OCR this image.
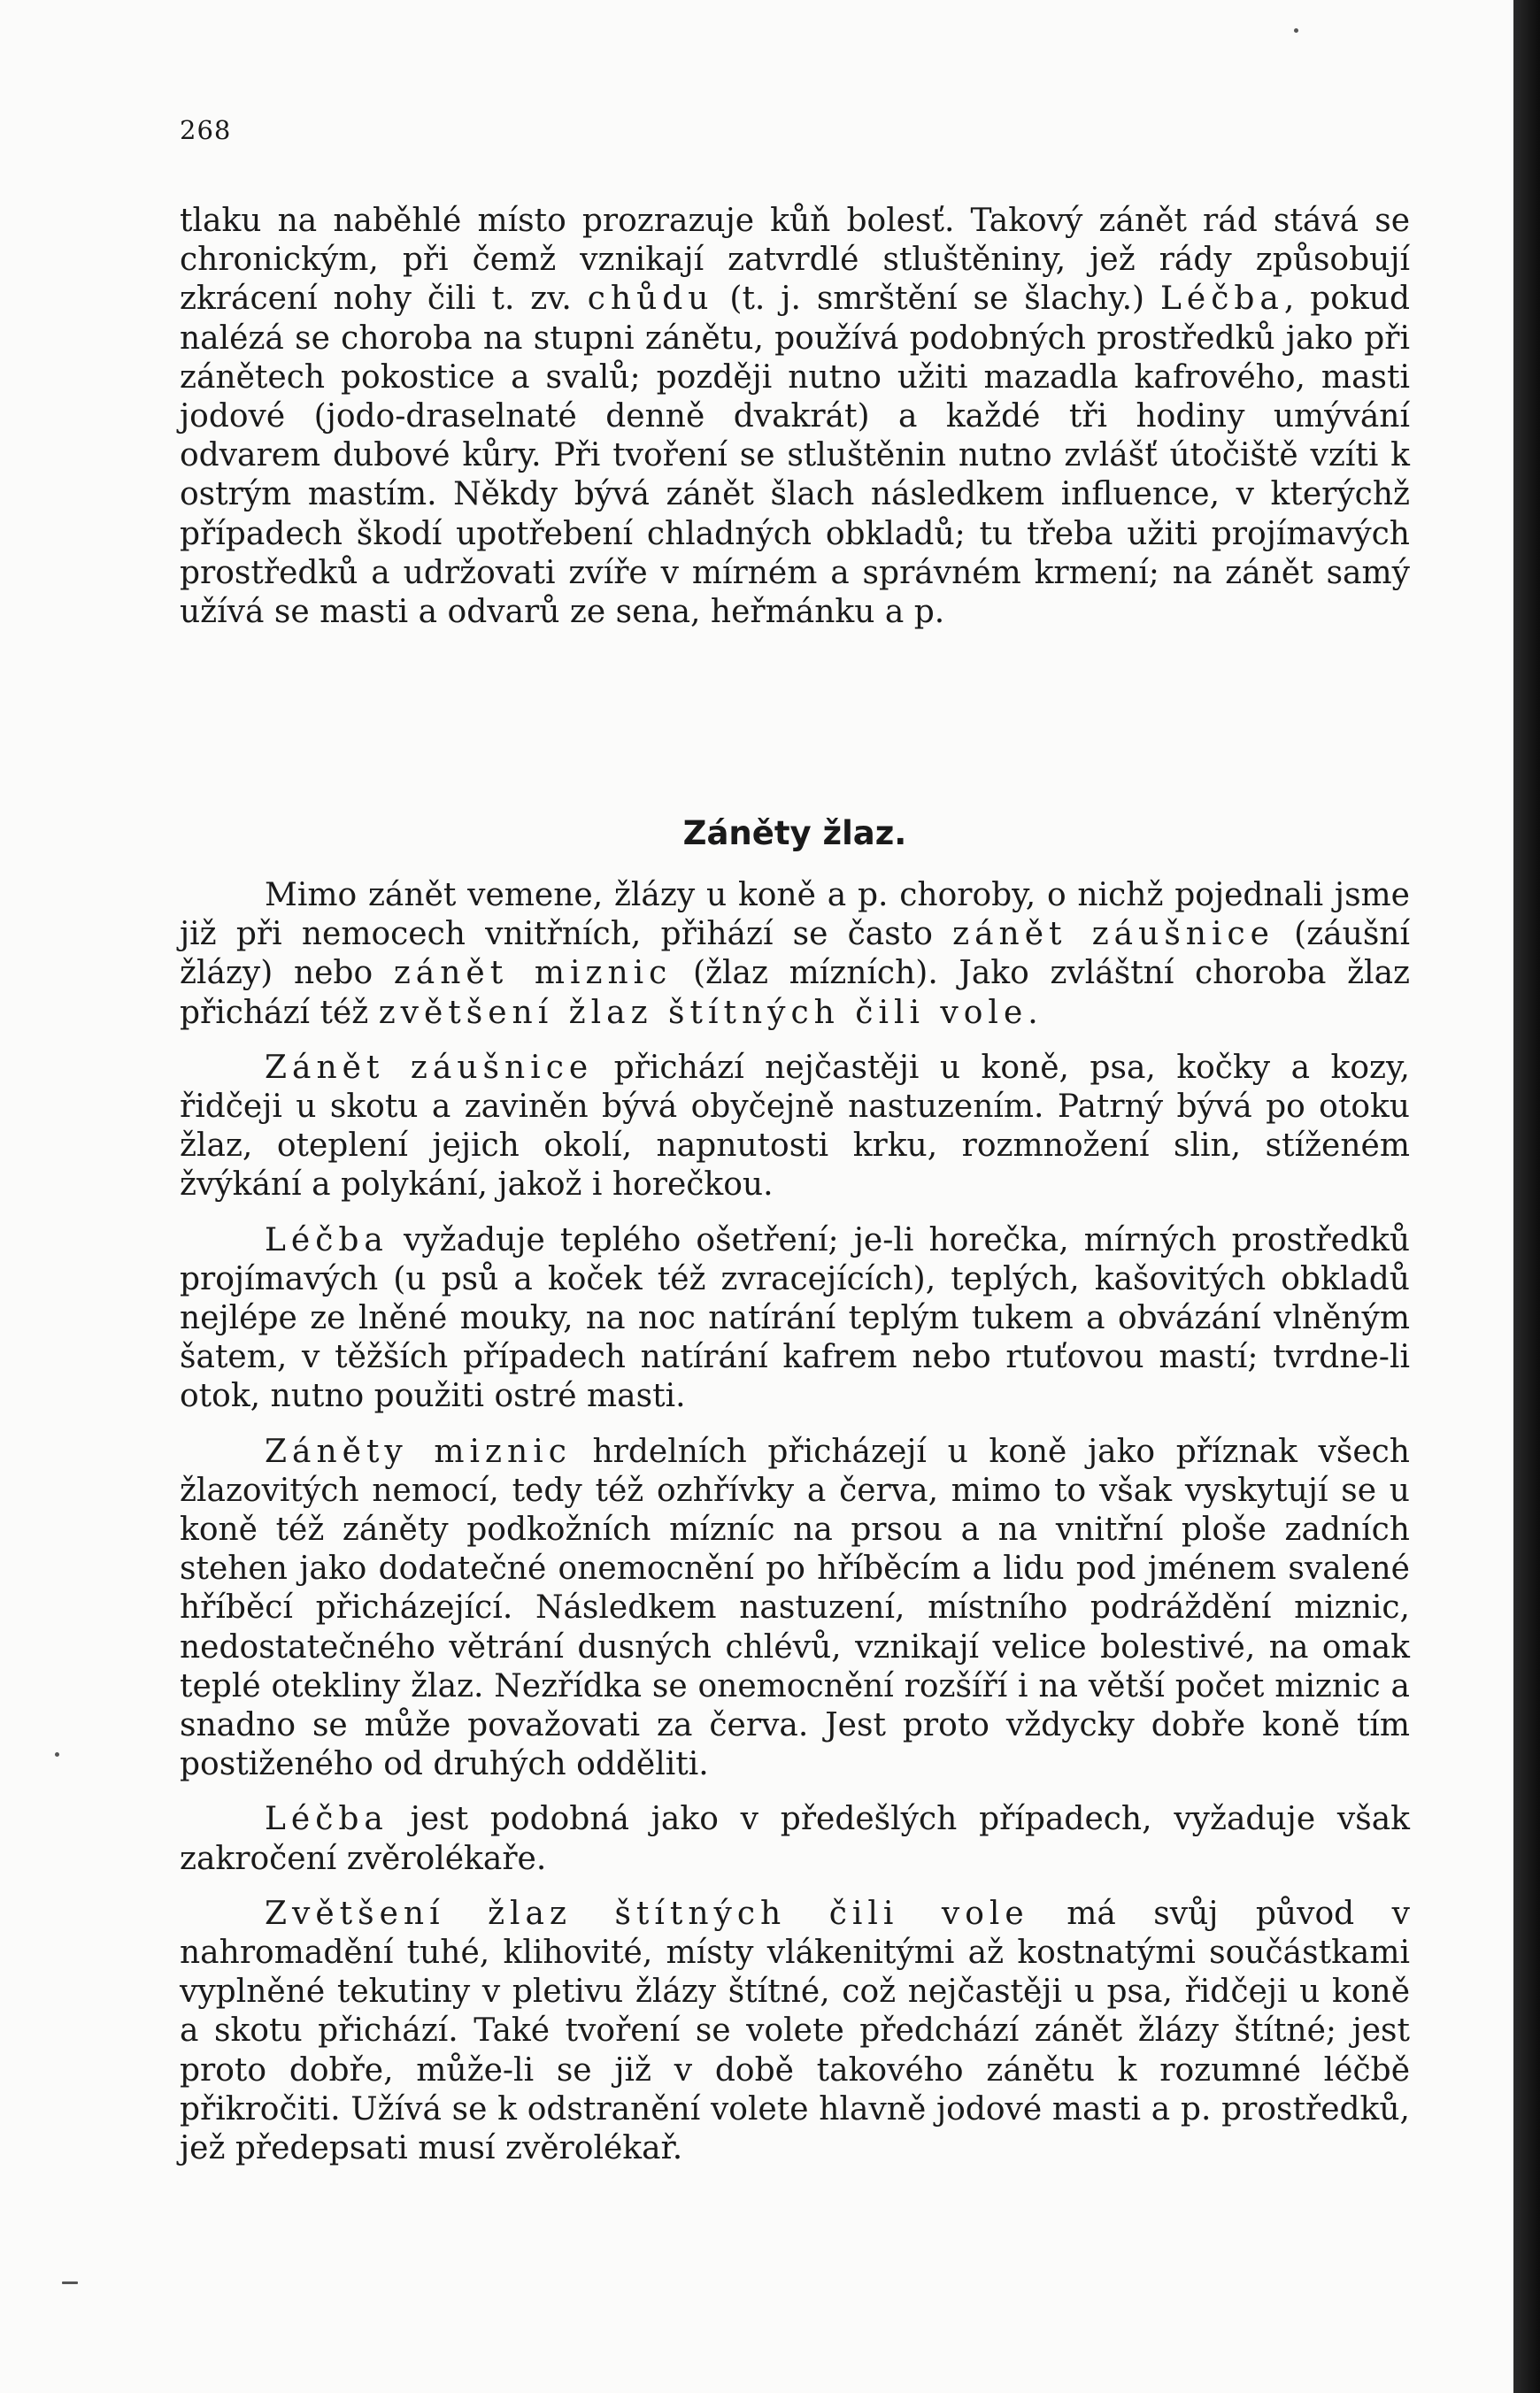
268

tlaku na naběhlé místo prozrazuje kůň bolesť. Takový zánět rád stává se chronickým, při čemž vznikají zatvrdlé stluštěniny, jež rády způsobují zkrácení nohy čili t. zv. chůdu (t. j. smrštění se šlachy.) Léčba, pokud nalézá se choroba na stupni zánětu, používá podobných prostředků jako při zánětech pokostice a svalů; později nutno užiti mazadla kafrového, masti jodové (jodo-draselnaté denně dvakrát) a každé tři hodiny umývání odvarem dubové kůry. Při tvoření se stluštěnin nutno zvlášť útočiště vzíti k ostrým mastím. Někdy bývá zánět šlach následkem influence, v kterýchž případech škodí upotřebení chladných obkladů; tu třeba užiti projímavých prostředků a udržovati zvíře v mírném a správném krmení; na zánět samý užívá se masti a odvarů ze sena, heřmánku a p.

Záněty žlaz.

Mimo zánět vemene, žlázy u koně a p. choroby, o nichž pojednali jsme již při nemocech vnitřních, přihází se často zánět záušnice (záušní žlázy) nebo zánět miznic (žlaz mízních). Jako zvláštní choroba žlaz přichází též zvětšení žlaz štítných čili vole.

Zánět záušnice přichází nejčastěji u koně, psa, kočky a kozy, řidčeji u skotu a zaviněn bývá obyčejně nastuzením. Patrný bývá po otoku žlaz, oteplení jejich okolí, napnutosti krku, rozmnožení slin, stíženém žvýkání a polykání, jakož i horečkou.

Léčba vyžaduje teplého ošetření; je-li horečka, mírných prostředků projímavých (u psů a koček též zvracejících), teplých, kašovitých obkladů nejlépe ze lněné mouky, na noc natírání teplým tukem a obvázání vlněným šatem, v těžších případech natírání kafrem nebo rtuťovou mastí; tvrdne-li otok, nutno použiti ostré masti.

Záněty miznic hrdelních přicházejí u koně jako příznak všech žlazovitých nemocí, tedy též ozhřívky a červa, mimo to však vyskytují se u koně též záněty podkožních mízníc na prsou a na vnitřní ploše zadních stehen jako dodatečné onemocnění po hříběcím a lidu pod jménem svalené hříběcí přicházející. Následkem nastuzení, místního podráždění miznic, nedostatečného větrání dusných chlévů, vznikají velice bolestivé, na omak teplé otekliny žlaz. Nezřídka se onemocnění rozšíří i na větší počet miznic a snadno se může považovati za červa. Jest proto vždycky dobře koně tím postiženého od druhých odděliti.

Léčba jest podobná jako v předešlých případech, vyžaduje však zakročení zvěrolékaře.

Zvětšení žlaz štítných čili vole má svůj původ v nahromadění tuhé, klihovité, místy vlákenitými až kostnatými součástkami vyplněné tekutiny v pletivu žlázy štítné, což nejčastěji u psa, řidčeji u koně a skotu přichází. Také tvoření se volete předchází zánět žlázy štítné; jest proto dobře, může-li se již v době takového zánětu k rozumné léčbě přikročiti. Užívá se k odstranění volete hlavně jodové masti a p. prostředků, jež předepsati musí zvěrolékař.
